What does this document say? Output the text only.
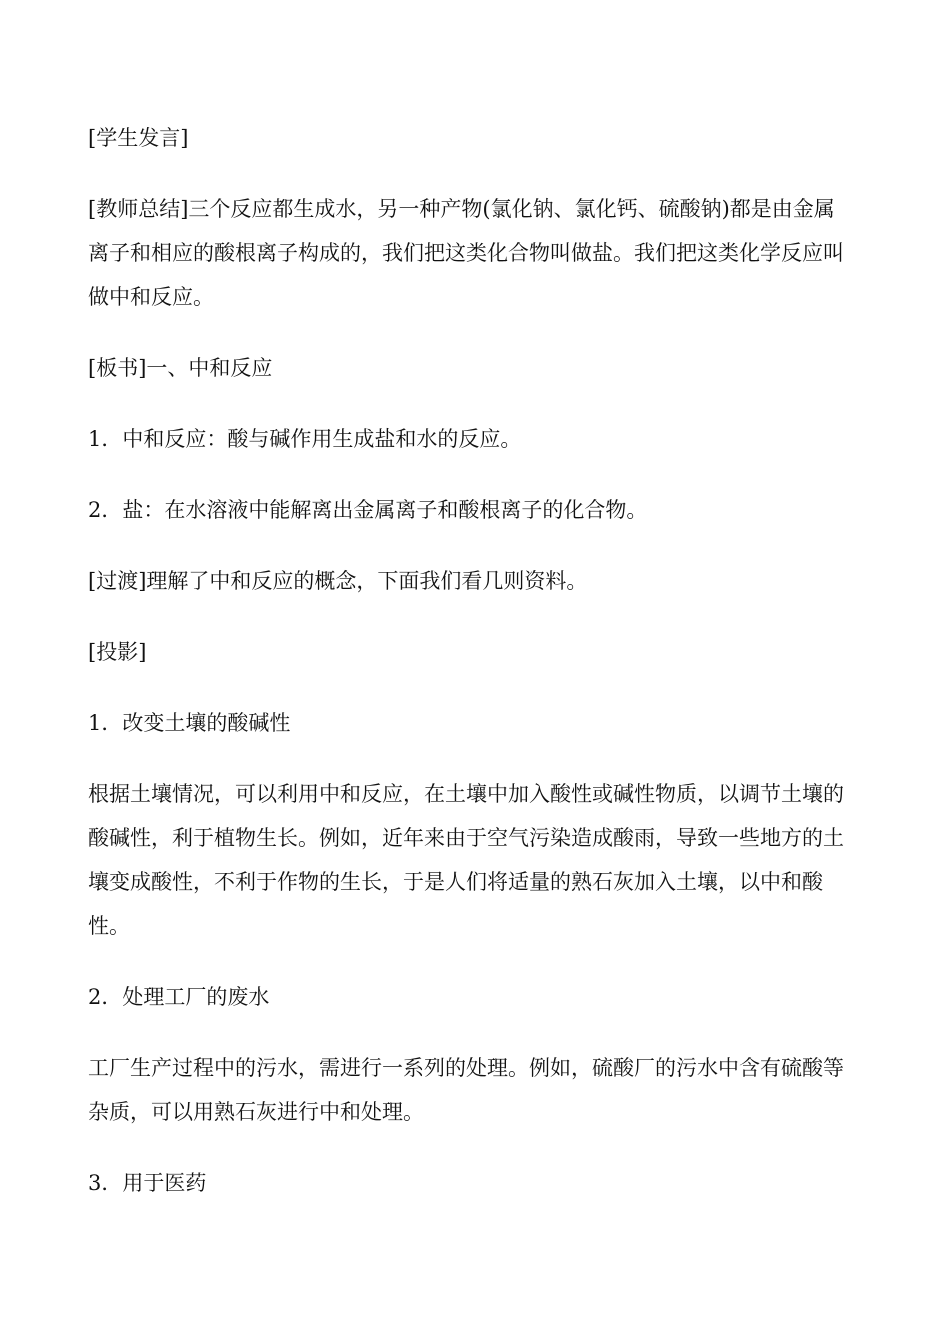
[学生发言]

[教师总结]三个反应都生成水，另一种产物(氯化钠、氯化钙、硫酸钠)都是由金属离子和相应的酸根离子构成的，我们把这类化合物叫做盐。我们把这类化学反应叫做中和反应。

[板书]一、中和反应

1．中和反应：酸与碱作用生成盐和水的反应。

2．盐：在水溶液中能解离出金属离子和酸根离子的化合物。

[过渡]理解了中和反应的概念，下面我们看几则资料。

[投影]

1．改变土壤的酸碱性

根据土壤情况，可以利用中和反应，在土壤中加入酸性或碱性物质，以调节土壤的酸碱性，利于植物生长。例如，近年来由于空气污染造成酸雨，导致一些地方的土壤变成酸性，不利于作物的生长，于是人们将适量的熟石灰加入土壤，以中和酸性。

2．处理工厂的废水

工厂生产过程中的污水，需进行一系列的处理。例如，硫酸厂的污水中含有硫酸等杂质，可以用熟石灰进行中和处理。

3．用于医药
